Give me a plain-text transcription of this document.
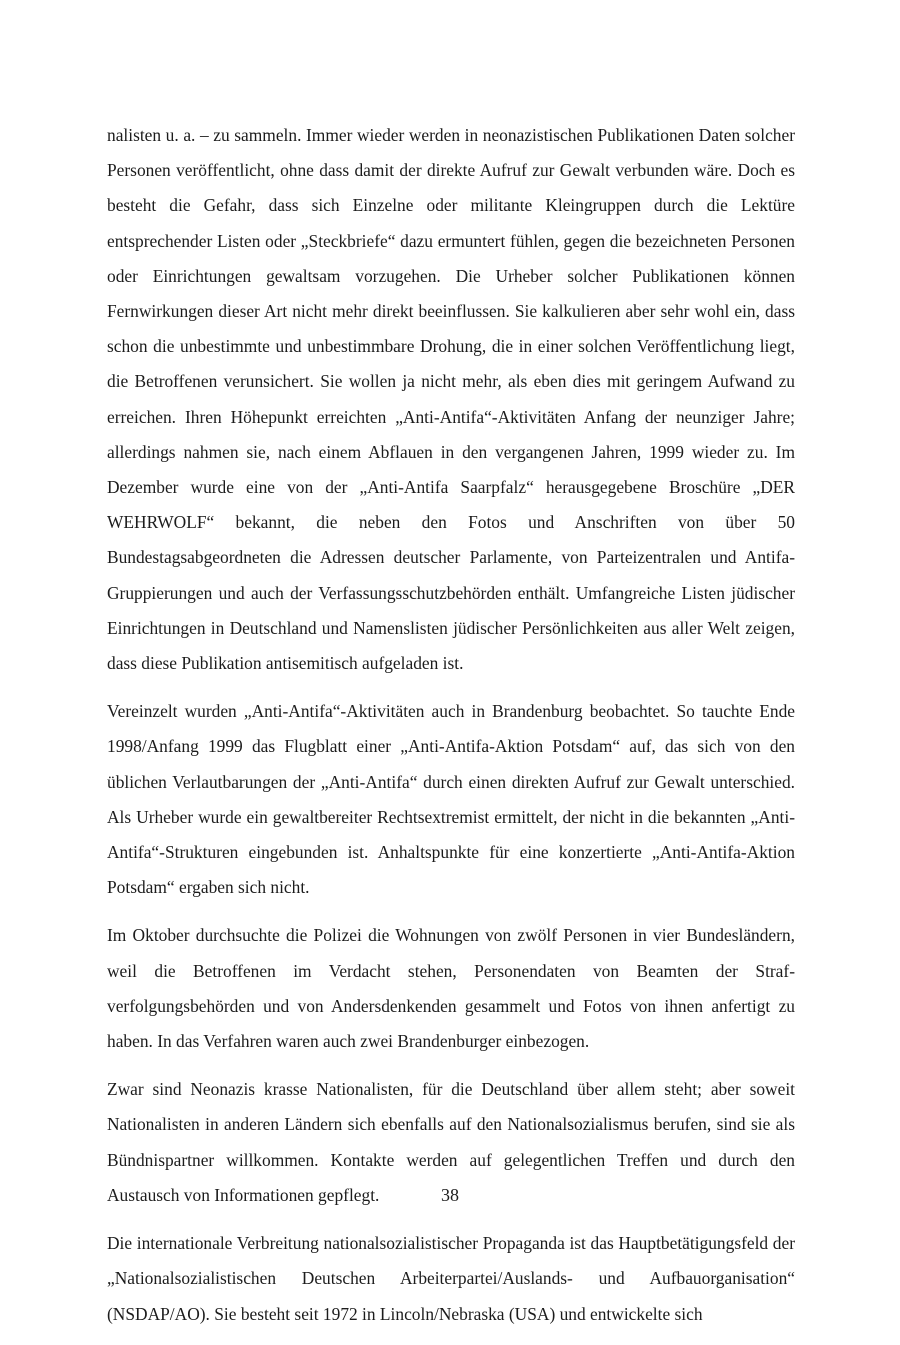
nalisten u. a. – zu sammeln. Immer wieder werden in neonazistischen Publikationen Daten solcher Personen veröffentlicht, ohne dass damit der direkte Aufruf zur Gewalt verbunden wäre. Doch es besteht die Gefahr, dass sich Einzelne oder militante Kleingruppen durch die Lektüre entsprechender Listen oder „Steckbriefe“ dazu ermuntert fühlen, gegen die bezeichneten Personen oder Einrichtungen gewaltsam vorzugehen. Die Urheber solcher Publikationen können Fernwirkungen dieser Art nicht mehr direkt beeinflussen. Sie kalkulieren aber sehr wohl ein, dass schon die unbestimmte und unbestimmbare Drohung, die in einer solchen Veröffentlichung liegt, die Betroffenen verunsichert. Sie wollen ja nicht mehr, als eben dies mit geringem Aufwand zu erreichen. Ihren Höhepunkt erreichten „Anti-Antifa“-Aktivitäten Anfang der neunziger Jahre; allerdings nahmen sie, nach einem Abflauen in den vergangenen Jahren, 1999 wieder zu. Im Dezember wurde eine von der „Anti-Antifa Saarpfalz“ herausgegebene Broschüre „DER WEHRWOLF“ bekannt, die neben den Fotos und Anschriften von über 50 Bundestagsabgeordneten die Adressen deutscher Parlamente, von Parteizentralen und Antifa-Gruppierungen und auch der Verfassungsschutzbehörden enthält. Umfangreiche Listen jüdischer Einrichtungen in Deutschland und Namenslisten jüdischer Persönlichkeiten aus aller Welt zeigen, dass diese Publikation antisemitisch aufgeladen ist.

Vereinzelt wurden „Anti-Antifa“-Aktivitäten auch in Brandenburg beobachtet. So tauchte Ende 1998/Anfang 1999 das Flugblatt einer „Anti-Antifa-Aktion Potsdam“ auf, das sich von den üblichen Verlautbarungen der „Anti-Antifa“ durch einen direkten Aufruf zur Gewalt unterschied. Als Urheber wurde ein gewaltbereiter Rechtsextremist ermittelt, der nicht in die bekannten „Anti-Antifa“-Strukturen eingebunden ist. Anhaltspunkte für eine konzertierte „Anti-Antifa-Aktion Potsdam“ ergaben sich nicht.

Im Oktober durchsuchte die Polizei die Wohnungen von zwölf Personen in vier Bundesländern, weil die Betroffenen im Verdacht stehen, Personendaten von Beamten der Strafverfolgungsbehörden und von Andersdenkenden gesammelt und Fotos von ihnen anfertigt zu haben. In das Verfahren waren auch zwei Brandenburger einbezogen.

Zwar sind Neonazis krasse Nationalisten, für die Deutschland über allem steht; aber soweit Nationalisten in anderen Ländern sich ebenfalls auf den Nationalsozialismus berufen, sind sie als Bündnispartner willkommen. Kontakte werden auf gelegentlichen Treffen und durch den Austausch von Informationen gepflegt.

Die internationale Verbreitung nationalsozialistischer Propaganda ist das Hauptbetätigungsfeld der „Nationalsozialistischen Deutschen Arbeiterpartei/Auslands- und Aufbauorganisation“ (NSDAP/AO). Sie besteht seit 1972 in Lincoln/Nebraska (USA) und entwickelte sich

38
